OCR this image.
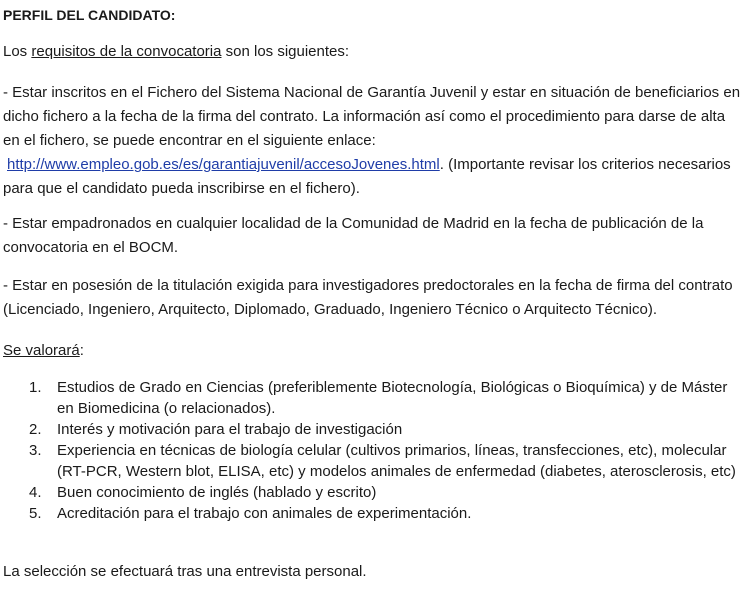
PERFIL DEL CANDIDATO:

Los requisitos de la convocatoria son los siguientes:

- Estar inscritos en el Fichero del Sistema Nacional de Garantía Juvenil y estar en situación de beneficiarios en dicho fichero a la fecha de la firma del contrato. La información así como el procedimiento para darse de alta en el fichero, se puede encontrar en el siguiente enlace:
http://www.empleo.gob.es/es/garantiajuvenil/accesoJovenes.html. (Importante revisar los criterios necesarios para que el candidato pueda inscribirse en el fichero).

- Estar empadronados en cualquier localidad de la Comunidad de Madrid en la fecha de publicación de la convocatoria en el BOCM.

- Estar en posesión de la titulación exigida para investigadores predoctorales en la fecha de firma del contrato (Licenciado, Ingeniero, Arquitecto, Diplomado, Graduado, Ingeniero Técnico o Arquitecto Técnico).

Se valorará:

1. Estudios de Grado en Ciencias (preferiblemente Biotecnología, Biológicas o Bioquímica) y de Máster en Biomedicina (o relacionados).
2. Interés y motivación para el trabajo de investigación
3. Experiencia en técnicas de biología celular (cultivos primarios, líneas, transfecciones, etc), molecular (RT-PCR, Western blot, ELISA, etc) y modelos animales de enfermedad (diabetes, aterosclerosis, etc)
4. Buen conocimiento de inglés (hablado y escrito)
5. Acreditación para el trabajo con animales de experimentación.

La selección se efectuará tras una entrevista personal.
